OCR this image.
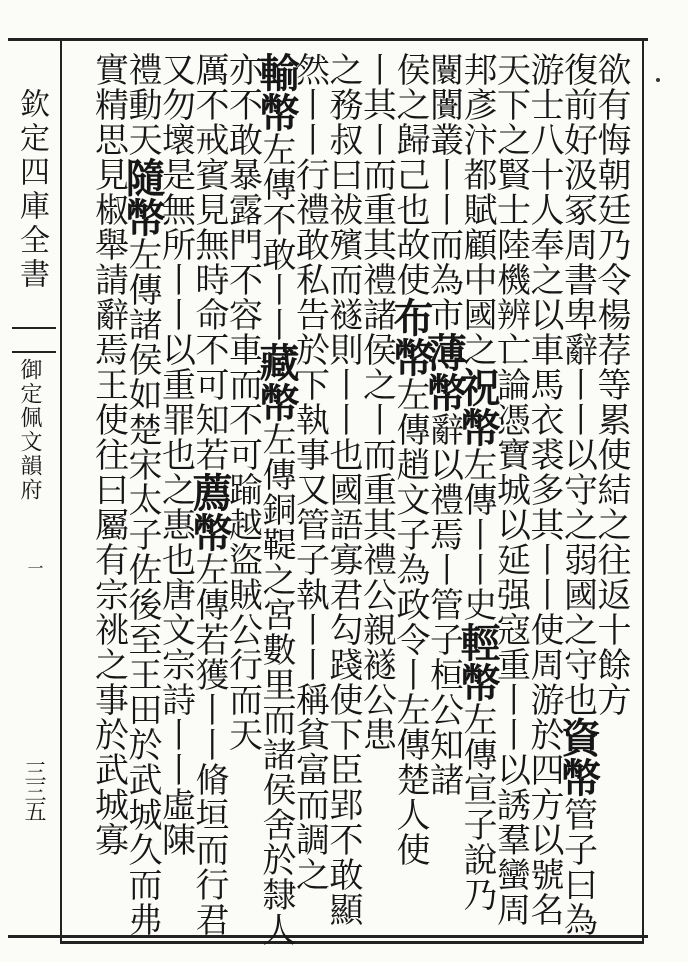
欽定四庫全書
御定佩文韻府
一
三三五
欲有悔朝廷乃令楊荐等累使結之往返十餘方
復前好汲冢周書卑辭丨丨以守之弱國之守也資幣管子曰為
游士八十人奉之以車馬衣裘多其丨丨使周游於四方以號名
天下之賢士陸機辨亡論憑寶城以延强寇重丨丨以誘羣蠻周
邦彥汴都賦顧中國之祝幣左傳丨丨史輕幣左傳宣子說乃
闤闠叢丨丨而為市薄幣辭以禮焉丨管子桓公知諸
侯之歸己也故使布幣左傳趙文子為政令丨左傳楚人使
丨其丨而重其禮諸侯之丨而重其禮公親襚公患
之務叔曰祓殯而襚則丨丨也國語寡君勾踐使下臣郢不敢顯
然丨丨行禮敢私告於下執事又管子執丨丨稱貧富而調之
輸幣左傳不敢丨丨藏幣左傳銅鞮之宮數里而諸侯舍於隸人
亦不敢暴露門不容車而不可踰越盜賊公行而天
厲不戒賓見無時命不可知若薦幣左傳若獲丨丨脩垣而行君
又勿壞是無所丨丨以重罪也之惠也唐文宗詩丨丨虛陳
禮動天隨幣左傳諸侯如楚宋太子佐後至王田於武城久而弗
實精思見椒舉請辭焉王使往曰屬有宗祧之事於武城寡
